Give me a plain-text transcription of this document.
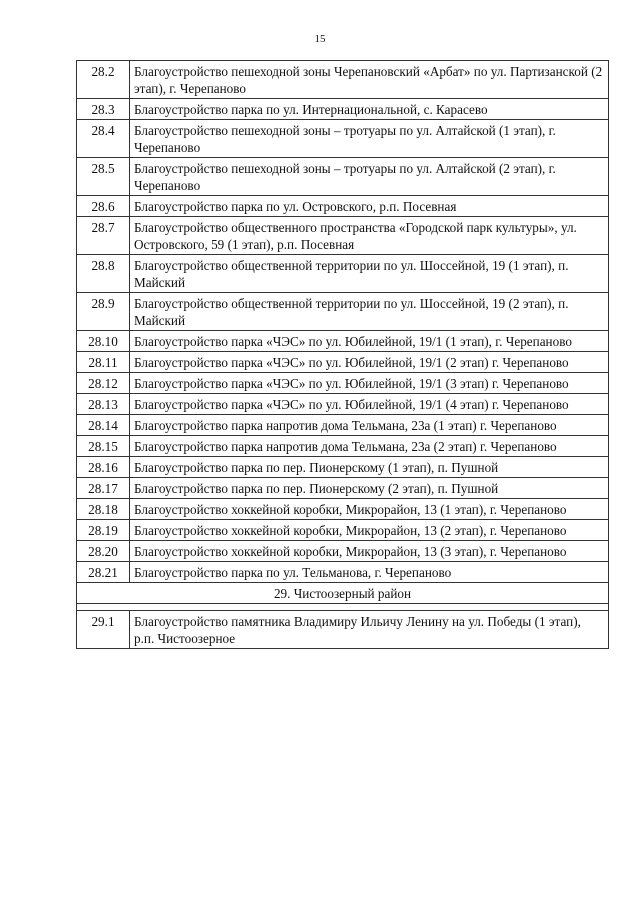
15
28.2	Благоустройство пешеходной зоны Черепановский «Арбат» по ул. Партизанской (2 этап), г. Черепаново
28.3	Благоустройство парка по ул. Интернациональной, с. Карасево
28.4	Благоустройство пешеходной зоны – тротуары по ул. Алтайской (1 этап), г. Черепаново
28.5	Благоустройство пешеходной зоны – тротуары по ул. Алтайской (2 этап), г. Черепаново
28.6	Благоустройство парка по ул. Островского, р.п. Посевная
28.7	Благоустройство общественного пространства «Городской парк культуры», ул. Островского, 59 (1 этап), р.п. Посевная
28.8	Благоустройство общественной территории по ул. Шоссейной, 19 (1 этап), п. Майский
28.9	Благоустройство общественной территории по ул. Шоссейной, 19 (2 этап), п. Майский
28.10	Благоустройство парка «ЧЭС» по ул. Юбилейной, 19/1 (1 этап), г. Черепаново
28.11	Благоустройство парка «ЧЭС» по ул. Юбилейной, 19/1 (2 этап) г. Черепаново
28.12	Благоустройство парка «ЧЭС» по ул. Юбилейной, 19/1 (3 этап) г. Черепаново
28.13	Благоустройство парка «ЧЭС» по ул. Юбилейной, 19/1 (4 этап) г. Черепаново
28.14	Благоустройство парка напротив дома Тельмана, 23а (1 этап) г. Черепаново
28.15	Благоустройство парка напротив дома Тельмана, 23а (2 этап) г. Черепаново
28.16	Благоустройство парка по пер. Пионерскому (1 этап), п. Пушной
28.17	Благоустройство парка по пер. Пионерскому (2 этап), п. Пушной
28.18	Благоустройство хоккейной коробки, Микрорайон, 13 (1 этап), г. Черепаново
28.19	Благоустройство хоккейной коробки, Микрорайон, 13 (2 этап), г. Черепаново
28.20	Благоустройство хоккейной коробки, Микрорайон, 13 (3 этап), г. Черепаново
28.21	Благоустройство парка по ул. Тельманова, г. Черепаново
29. Чистоозерный район	

29.1	Благоустройство памятника Владимиру Ильичу Ленину на ул. Победы (1 этап), р.п. Чистоозерное
